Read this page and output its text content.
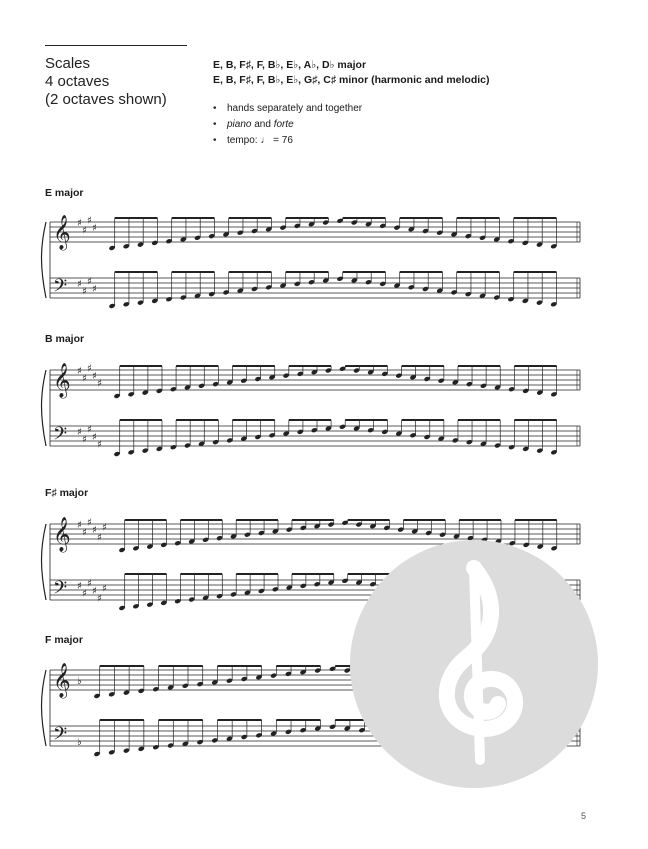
Scales
4 octaves
(2 octaves shown)
E, B, F♯, F, B♭, E♭, A♭, D♭ major
E, B, F♯, F, B♭, E♭, G♯, C♯ minor (harmonic and melodic)
•	hands separately and together
•	piano and forte
•	tempo: ♩ = 76
E major
B major
F♯ major
F major
𝄞
𝄢
♯
♯
♯
♯
♯
♯
♯
♯
𝄞
𝄢
♯
♯
♯
♯
♯
♯
♯
♯
♯
♯
𝄞
𝄢
♯
♯
♯
♯
♯
♯
♯
♯
♯
♯
♯
♯
𝄞
𝄢
♭
♭
5
